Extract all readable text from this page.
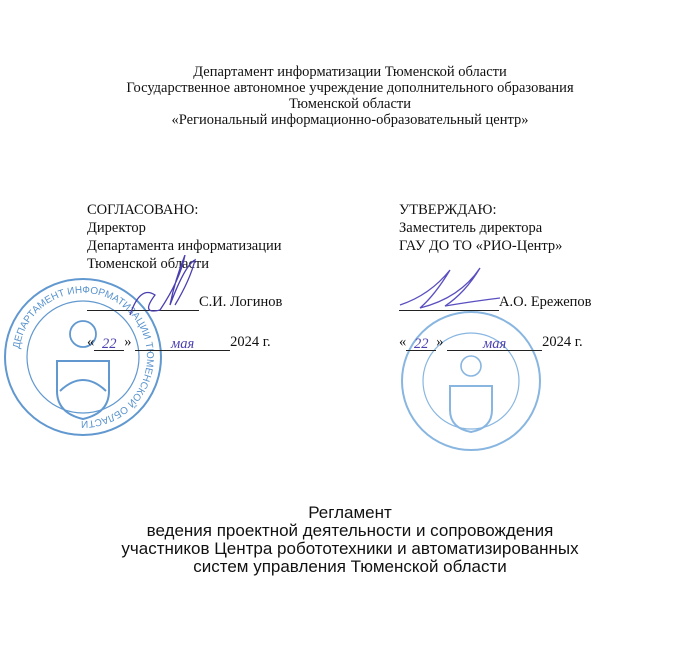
Департамент информатизации Тюменской области
Государственное автономное учреждение дополнительного образования
Тюменской области
«Региональный информационно-образовательный центр»
ДЕПАРТАМЕНТ ИНФОРМАТИЗАЦИИ ТЮМЕНСКОЙ ОБЛАСТИ
СОГЛАСОВАНО:
Директор
Департамента информатизации
Тюменской области
С.И. Логинов
« 22 »	мая 2024 г.
УТВЕРЖДАЮ:
Заместитель директора
ГАУ ДО ТО «РИО-Центр»
А.О. Ережепов
« 22 »	мая 2024 г.
Регламент
ведения проектной деятельности и сопровождения
участников Центра робототехники и автоматизированных
систем управления Тюменской области
